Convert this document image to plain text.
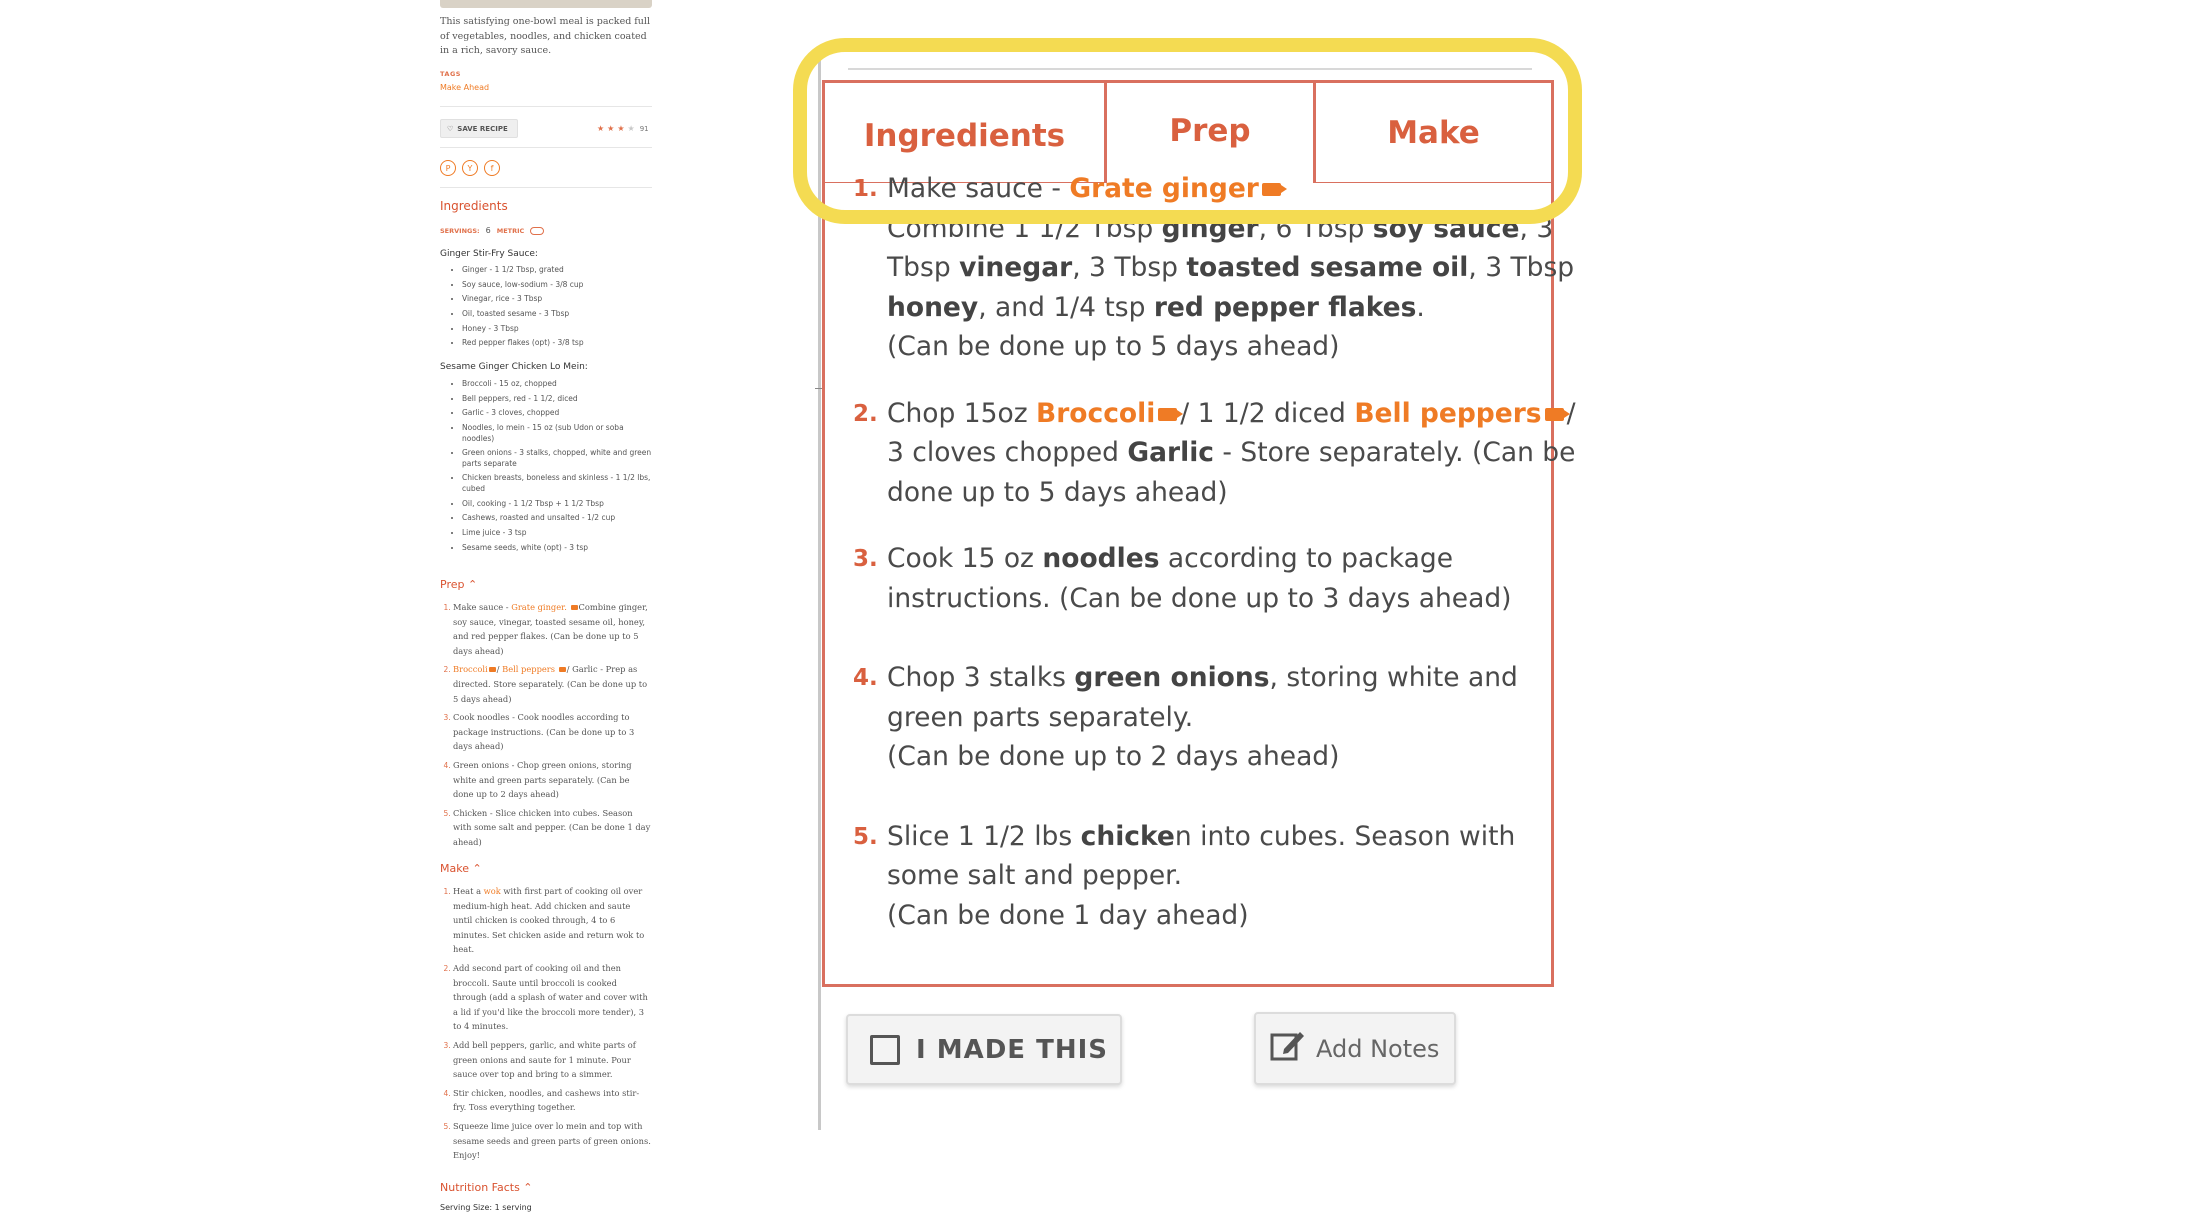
This satisfying one-bowl meal is packed full of vegetables, noodles, and chicken coated in a rich, savory sauce.
TAGS
Make Ahead
♡ SAVE RECIPE	★ ★ ★ ★ 91
P	Y	f
Ingredients
SERVINGS: 6 METRIC
Ginger Stir-Fry Sauce:
• Ginger - 1 1/2 Tbsp, grated
• Soy sauce, low-sodium - 3/8 cup
• Vinegar, rice - 3 Tbsp
• Oil, toasted sesame - 3 Tbsp
• Honey - 3 Tbsp
• Red pepper flakes (opt) - 3/8 tsp
Sesame Ginger Chicken Lo Mein:
• Broccoli - 15 oz, chopped
• Bell peppers, red - 1 1/2, diced
• Garlic - 3 cloves, chopped
• Noodles, lo mein - 15 oz (sub Udon or soba noodles)
• Green onions - 3 stalks, chopped, white and green parts separate
• Chicken breasts, boneless and skinless - 1 1/2 lbs, cubed
• Oil, cooking - 1 1/2 Tbsp + 1 1/2 Tbsp
• Cashews, roasted and unsalted - 1/2 cup
• Lime juice - 3 tsp
• Sesame seeds, white (opt) - 3 tsp
Prep ⌃
1. Make sauce - Grate ginger. Combine ginger, soy sauce, vinegar, toasted sesame oil, honey, and red pepper flakes. (Can be done up to 5 days ahead)
2. Broccoli / Bell peppers / Garlic - Prep as directed. Store separately. (Can be done up to 5 days ahead)
3. Cook noodles - Cook noodles according to package instructions. (Can be done up to 3 days ahead)
4. Green onions - Chop green onions, storing white and green parts separately. (Can be done up to 2 days ahead)
5. Chicken - Slice chicken into cubes. Season with some salt and pepper. (Can be done 1 day ahead)
Make ⌃
1. Heat a wok with first part of cooking oil over medium-high heat. Add chicken and saute until chicken is cooked through, 4 to 6 minutes. Set chicken aside and return wok to heat.
2. Add second part of cooking oil and then broccoli. Saute until broccoli is cooked through (add a splash of water and cover with a lid if you'd like the broccoli more tender), 3 to 4 minutes.
3. Add bell peppers, garlic, and white parts of green onions and saute for 1 minute. Pour sauce over top and bring to a simmer.
4. Stir chicken, noodles, and cashews into stir-fry. Toss everything together.
5. Squeeze lime juice over lo mein and top with sesame seeds and green parts of green onions. Enjoy!
Nutrition Facts ⌃
Serving Size: 1 serving
Ingredients	Prep	Make
1. Make sauce - Grate ginger
Combine 1 1/2 Tbsp ginger, 6 Tbsp soy sauce, 3 Tbsp vinegar, 3 Tbsp toasted sesame oil, 3 Tbsp honey, and 1/4 tsp red pepper flakes.
(Can be done up to 5 days ahead)
2. Chop 15oz Broccoli / 1 1/2 diced Bell peppers / 3 cloves chopped Garlic - Store separately. (Can be done up to 5 days ahead)
3. Cook 15 oz noodles according to package instructions. (Can be done up to 3 days ahead)
4. Chop 3 stalks green onions, storing white and green parts separately.
(Can be done up to 2 days ahead)
5. Slice 1 1/2 lbs chicken into cubes. Season with some salt and pepper.
(Can be done 1 day ahead)
I MADE THIS	Add Notes
